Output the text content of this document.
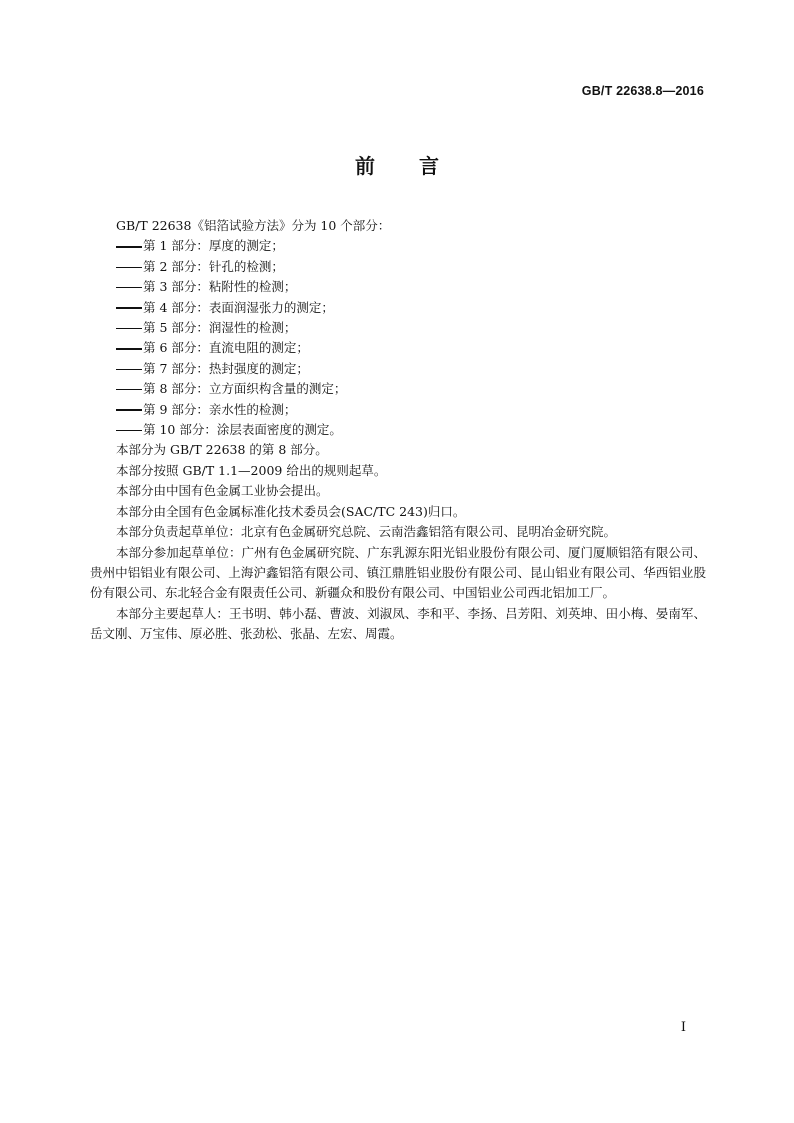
GB/T 22638.8—2016
前言

GB/T 22638《铝箔试验方法》分为 10 个部分：

第 1 部分：厚度的测定；

第 2 部分：针孔的检测；

第 3 部分：粘附性的检测；

第 4 部分：表面润湿张力的测定；

第 5 部分：润湿性的检测；

第 6 部分：直流电阻的测定；

第 7 部分：热封强度的测定；

第 8 部分：立方面织构含量的测定；

第 9 部分：亲水性的检测；

第 10 部分：涂层表面密度的测定。

本部分为 GB/T 22638 的第 8 部分。

本部分按照 GB/T 1.1—2009 给出的规则起草。

本部分由中国有色金属工业协会提出。

本部分由全国有色金属标准化技术委员会(SAC/TC 243)归口。

本部分负责起草单位：北京有色金属研究总院、云南浩鑫铝箔有限公司、昆明冶金研究院。

本部分参加起草单位：广州有色金属研究院、广东乳源东阳光铝业股份有限公司、厦门厦顺铝箔有限公司、贵州中铝铝业有限公司、上海沪鑫铝箔有限公司、镇江鼎胜铝业股份有限公司、昆山铝业有限公司、华西铝业股份有限公司、东北轻合金有限责任公司、新疆众和股份有限公司、中国铝业公司西北铝加工厂。

本部分主要起草人：王书明、韩小磊、曹波、刘淑凤、李和平、李扬、吕芳阳、刘英坤、田小梅、晏南军、岳文刚、万宝伟、原必胜、张劲松、张晶、左宏、周霞。

I
